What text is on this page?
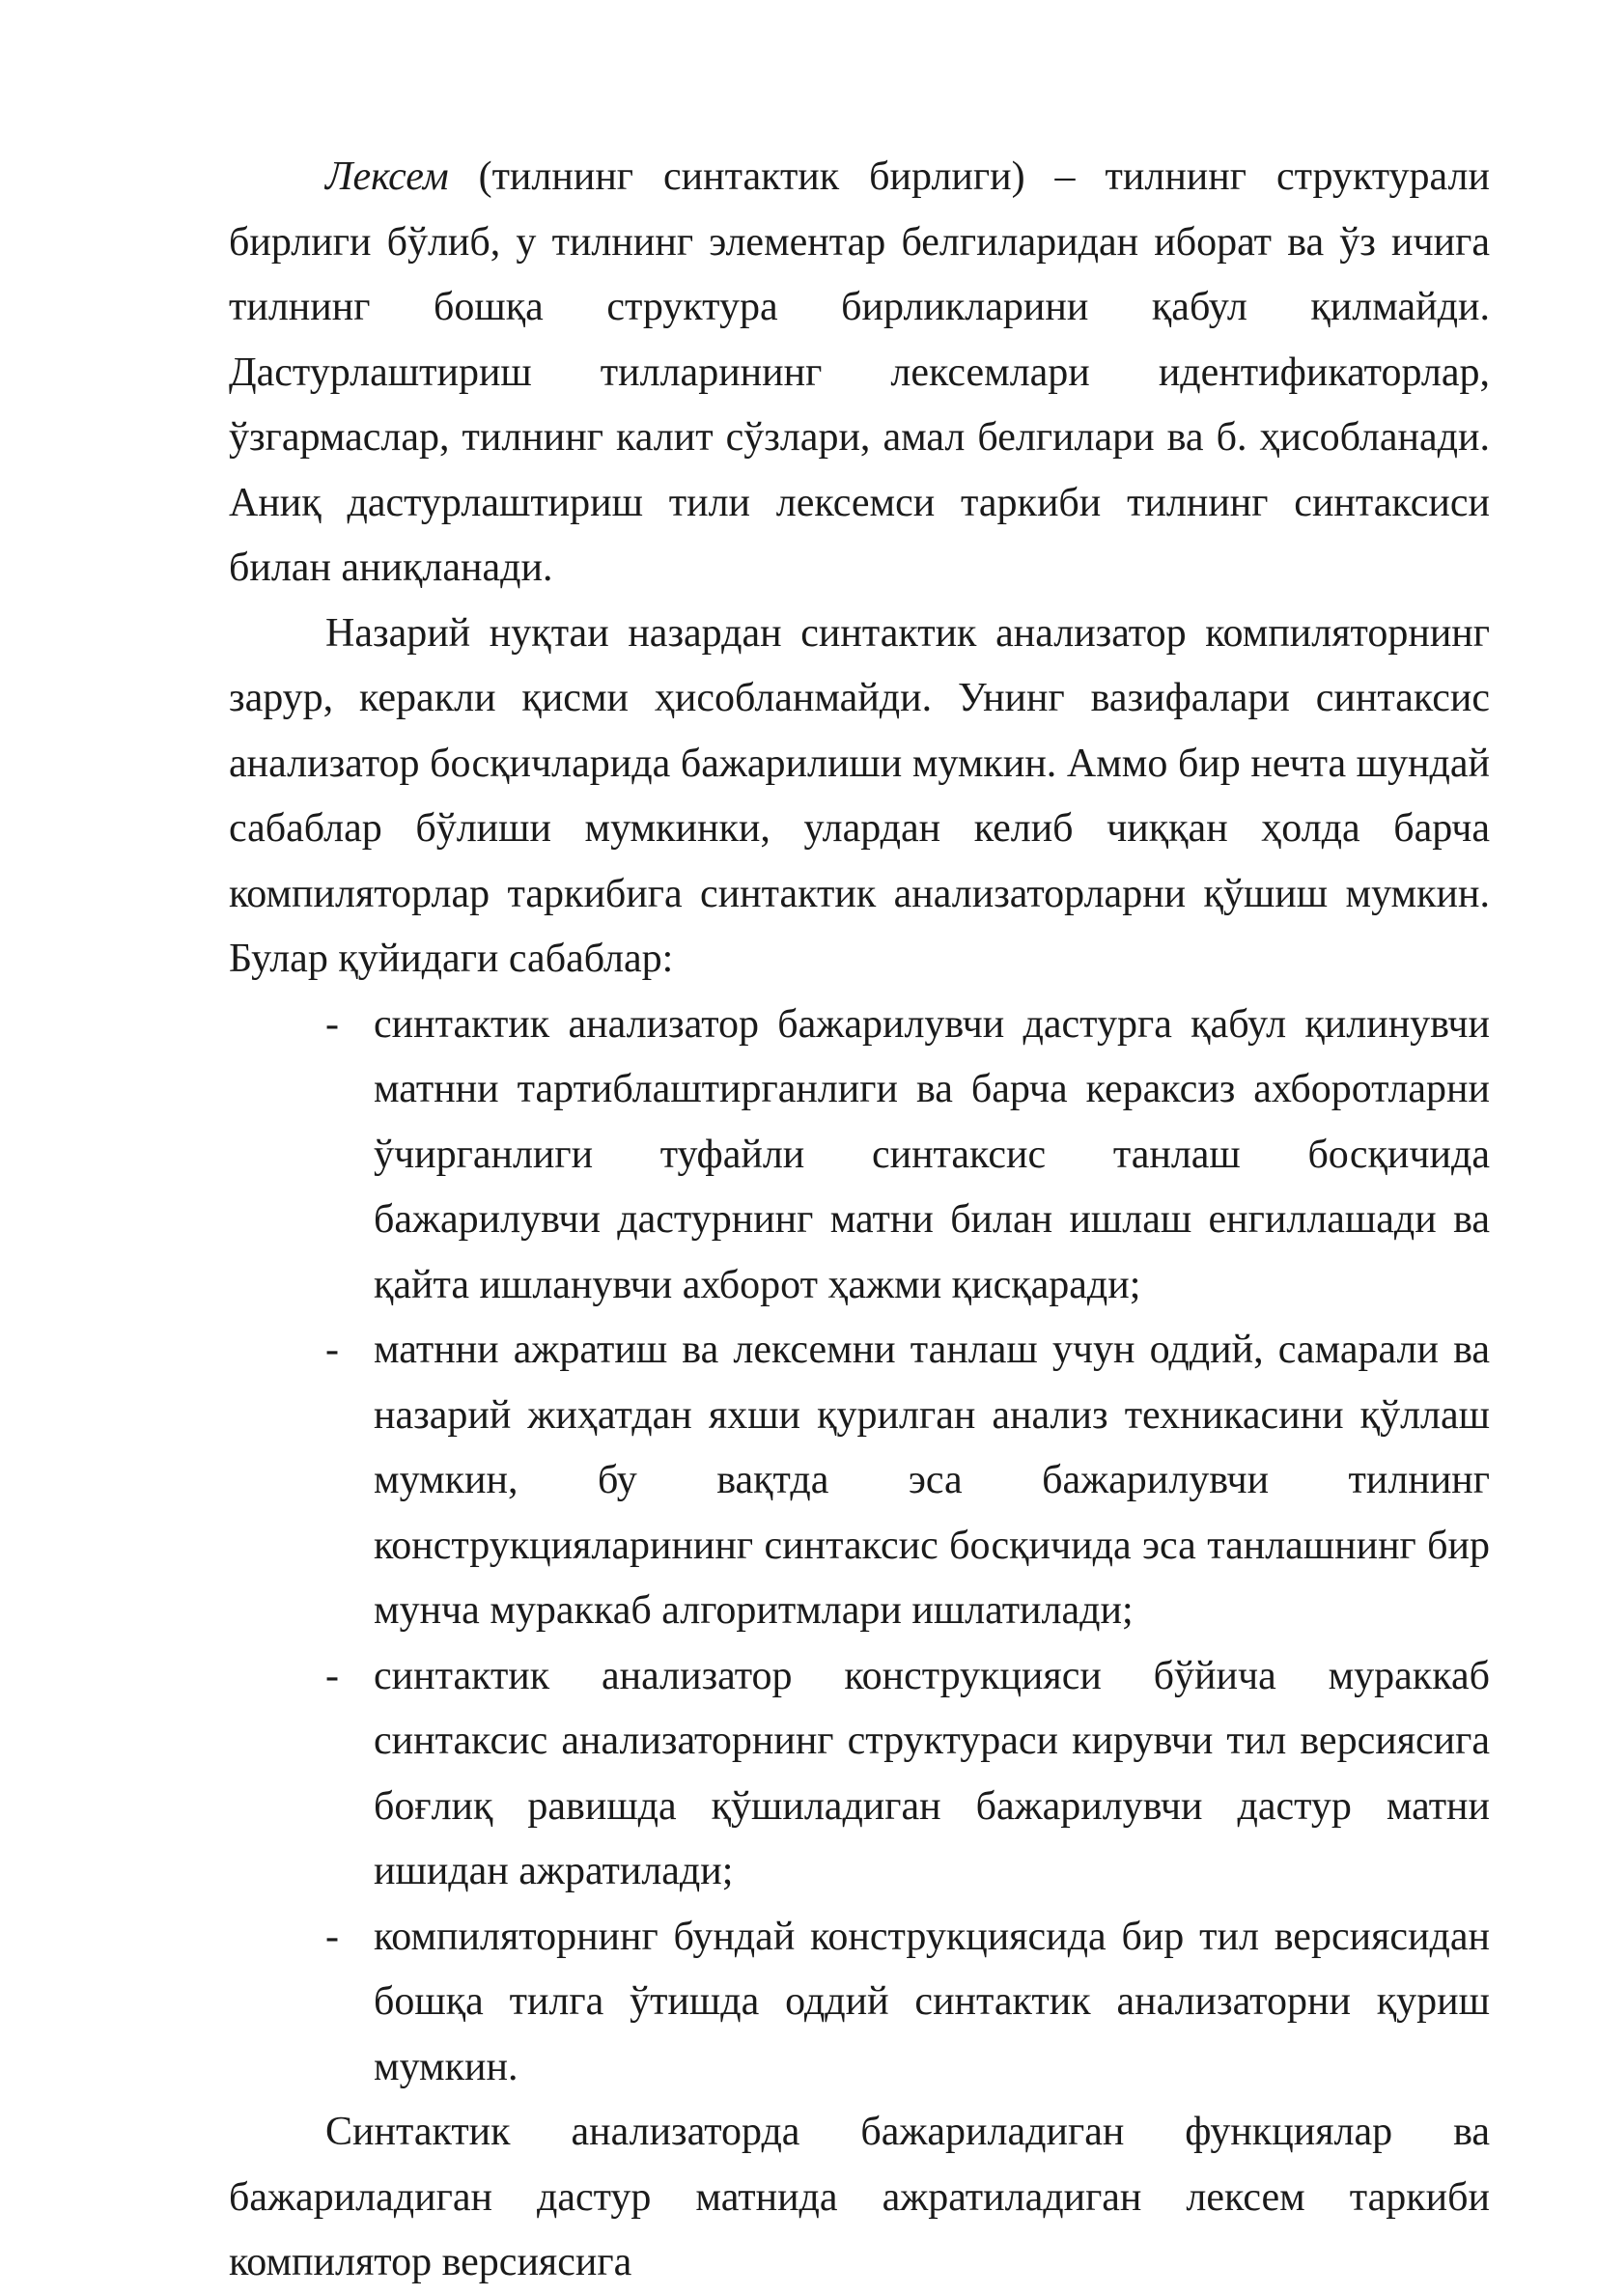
Лексем (тилнинг синтактик бирлиги) – тилнинг структурали бирлиги бўлиб, у тилнинг элементар белгиларидан иборат ва ўз ичига тилнинг бошқа структура бирликларини қабул қилмайди. Дастурлаштириш тилларининг лексемлари идентификаторлар, ўзгармаслар, тилнинг калит сўзлари, амал белгилари ва б. ҳисобланади. Аниқ дастурлаштириш тили лексемси таркиби тилнинг синтаксиси билан аниқланади.

Назарий нуқтаи назардан синтактик анализатор компиляторнинг зарур, керакли қисми ҳисобланмайди. Унинг вазифалари синтаксис анализатор босқичларида бажарилиши мумкин. Аммо бир нечта шундай сабаблар бўлиши мумкинки, улардан келиб чиққан ҳолда барча компиляторлар таркибига синтактик анализаторларни қўшиш мумкин. Булар қуйидаги сабаблар:

- синтактик анализатор бажарилувчи дастурга қабул қилинувчи матнни тартиблаштирганлиги ва барча кераксиз ахборотларни ўчирганлиги туфайли синтаксис танлаш босқичида бажарилувчи дастурнинг матни билан ишлаш енгиллашади ва қайта ишланувчи ахборот ҳажми қисқаради;

- матнни ажратиш ва лексемни танлаш учун оддий, самарали ва назарий жиҳатдан яхши қурилган анализ техникасини қўллаш мумкин, бу вақтда эса бажарилувчи тилнинг конструкцияларининг синтаксис босқичида эса танлашнинг бир мунча мураккаб алгоритмлари ишлатилади;

- синтактик анализатор конструкцияси бўйича мураккаб синтаксис анализаторнинг структураси кирувчи тил версиясига боғлиқ равишда қўшиладиган бажарилувчи дастур матни ишидан ажратилади;

- компиляторнинг бундай конструкциясида бир тил версиясидан бошқа тилга ўтишда оддий синтактик анализаторни қуриш мумкин.

Синтактик анализаторда бажариладиган функциялар ва бажариладиган дастур матнида ажратиладиган лексем таркиби компилятор версиясига
